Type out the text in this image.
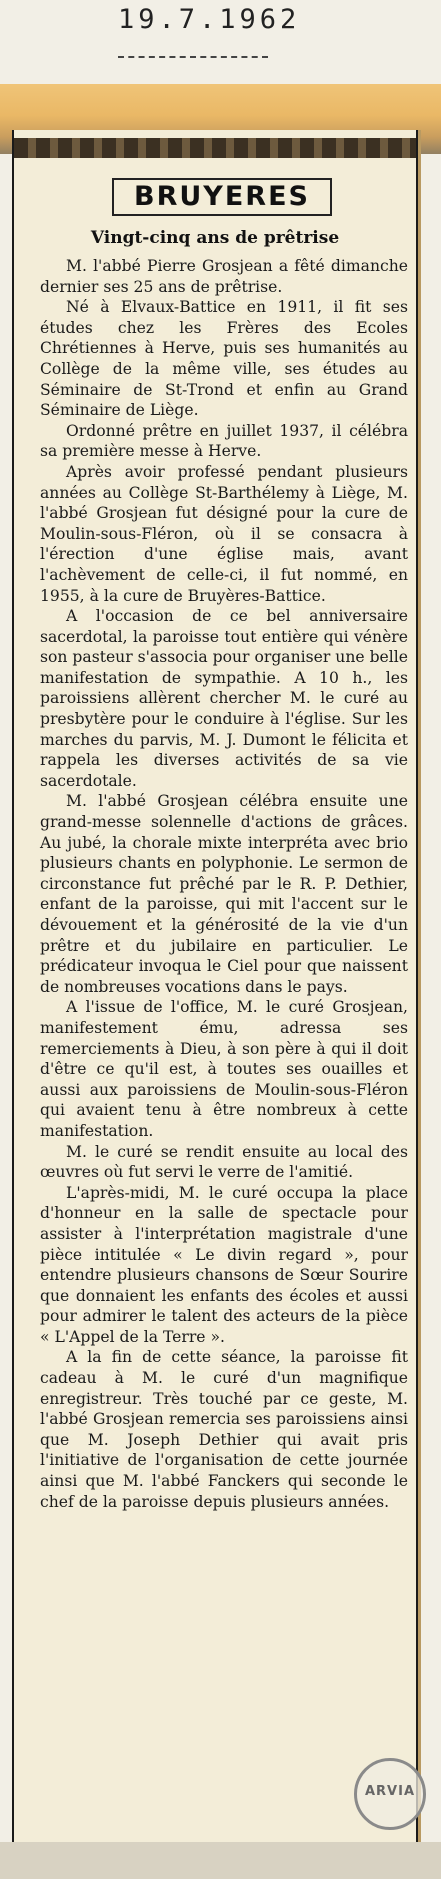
19.7.1962
BRUYERES
Vingt-cinq ans de prêtrise

M. l'abbé Pierre Grosjean a fêté dimanche dernier ses 25 ans de prêtrise.

Né à Elvaux-Battice en 1911, il fit ses études chez les Frères des Ecoles Chrétiennes à Herve, puis ses humanités au Collège de la même ville, ses études au Séminaire de St-Trond et enfin au Grand Séminaire de Liège.

Ordonné prêtre en juillet 1937, il célébra sa première messe à Herve.

Après avoir professé pendant plusieurs années au Collège St-Barthélemy à Liège, M. l'abbé Grosjean fut désigné pour la cure de Moulin-sous-Fléron, où il se consacra à l'érection d'une église mais, avant l'achèvement de celle-ci, il fut nommé, en 1955, à la cure de Bruyères-Battice.

A l'occasion de ce bel anniversaire sacerdotal, la paroisse tout entière qui vénère son pasteur s'associa pour organiser une belle manifestation de sympathie. A 10 h., les paroissiens allèrent chercher M. le curé au presbytère pour le conduire à l'église. Sur les marches du parvis, M. J. Dumont le félicita et rappela les diverses activités de sa vie sacerdotale.

M. l'abbé Grosjean célébra ensuite une grand-messe solennelle d'actions de grâces. Au jubé, la chorale mixte interpréta avec brio plusieurs chants en polyphonie. Le sermon de circonstance fut prêché par le R. P. Dethier, enfant de la paroisse, qui mit l'accent sur le dévouement et la générosité de la vie d'un prêtre et du jubilaire en particulier. Le prédicateur invoqua le Ciel pour que naissent de nombreuses vocations dans le pays.

A l'issue de l'office, M. le curé Grosjean, manifestement ému, adressa ses remerciements à Dieu, à son père à qui il doit d'être ce qu'il est, à toutes ses ouailles et aussi aux paroissiens de Moulin-sous-Fléron qui avaient tenu à être nombreux à cette manifestation.

M. le curé se rendit ensuite au local des œuvres où fut servi le verre de l'amitié.

L'après-midi, M. le curé occupa la place d'honneur en la salle de spectacle pour assister à l'interprétation magistrale d'une pièce intitulée « Le divin regard », pour entendre plusieurs chansons de Sœur Sourire que donnaient les enfants des écoles et aussi pour admirer le talent des acteurs de la pièce « L'Appel de la Terre ».

A la fin de cette séance, la paroisse fit cadeau à M. le curé d'un magnifique enregistreur. Très touché par ce geste, M. l'abbé Grosjean remercia ses paroissiens ainsi que M. Joseph Dethier qui avait pris l'initiative de l'organisation de cette journée ainsi que M. l'abbé Fanckers qui seconde le chef de la paroisse depuis plusieurs années.

ARVIA
